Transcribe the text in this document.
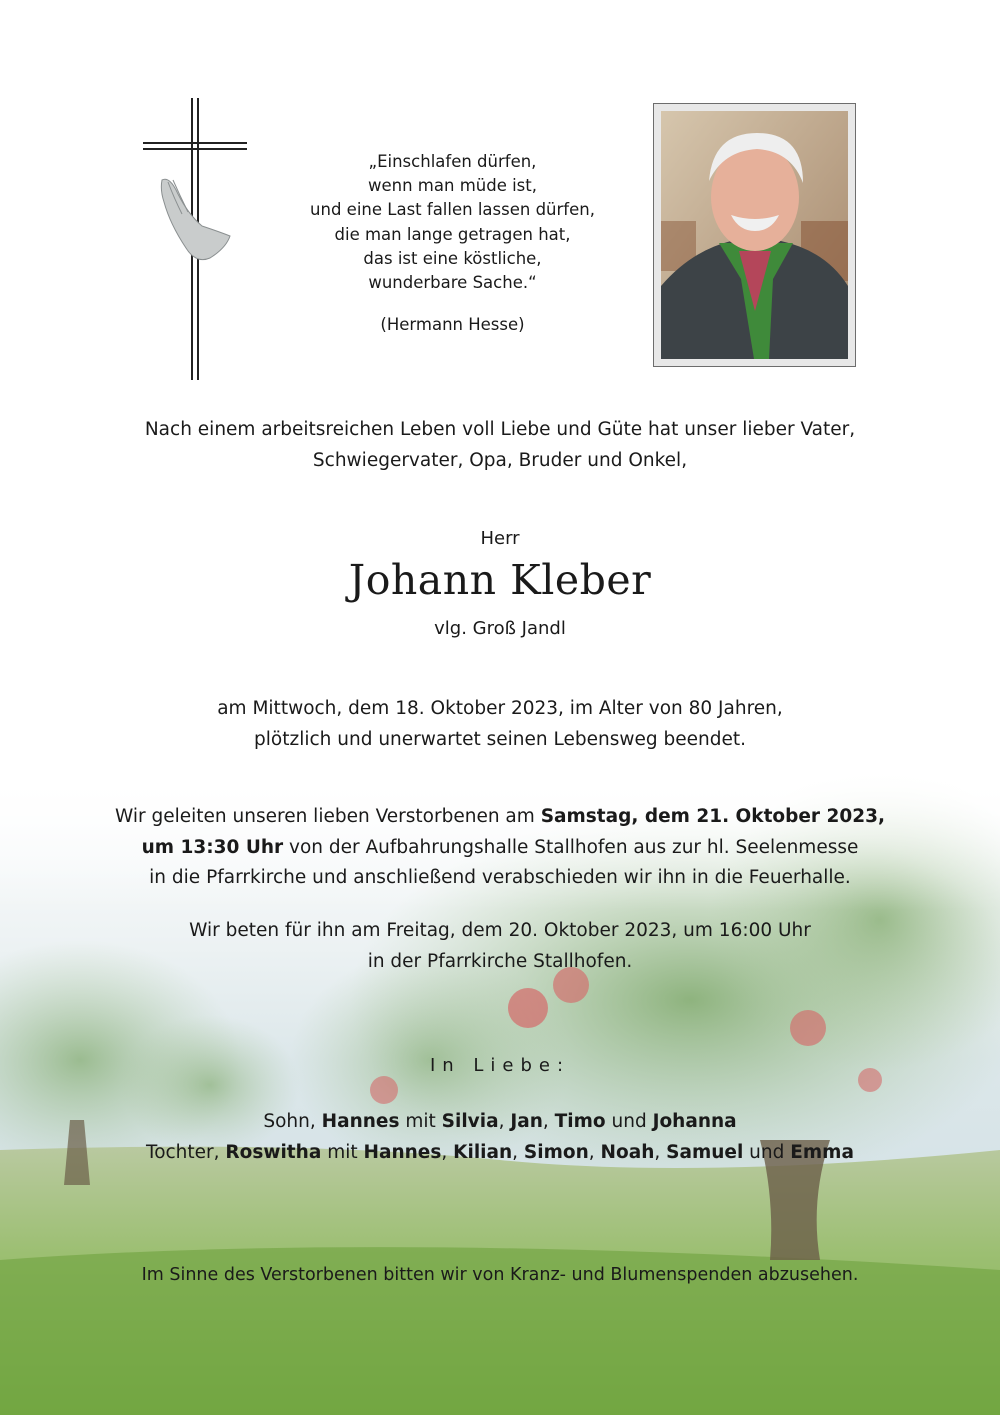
„Einschlafen dürfen,
wenn man müde ist,
und eine Last fallen lassen dürfen,
die man lange getragen hat,
das ist eine köstliche,
wunderbare Sache.“
(Hermann Hesse)
Nach einem arbeitsreichen Leben voll Liebe und Güte hat unser lieber Vater,
Schwiegervater, Opa, Bruder und Onkel,
Herr
Johann Kleber
vlg. Groß Jandl
am Mittwoch, dem 18. Oktober 2023, im Alter von 80 Jahren,
plötzlich und unerwartet seinen Lebensweg beendet.
Wir geleiten unseren lieben Verstorbenen am Samstag, dem 21. Oktober 2023,
um 13:30 Uhr von der Aufbahrungshalle Stallhofen aus zur hl. Seelenmesse
in die Pfarrkirche und anschließend verabschieden wir ihn in die Feuerhalle.
Wir beten für ihn am Freitag, dem 20. Oktober 2023, um 16:00 Uhr
in der Pfarrkirche Stallhofen.
In Liebe:
Sohn, Hannes mit Silvia, Jan, Timo und Johanna
Tochter, Roswitha mit Hannes, Kilian, Simon, Noah, Samuel und Emma
Im Sinne des Verstorbenen bitten wir von Kranz- und Blumenspenden abzusehen.
